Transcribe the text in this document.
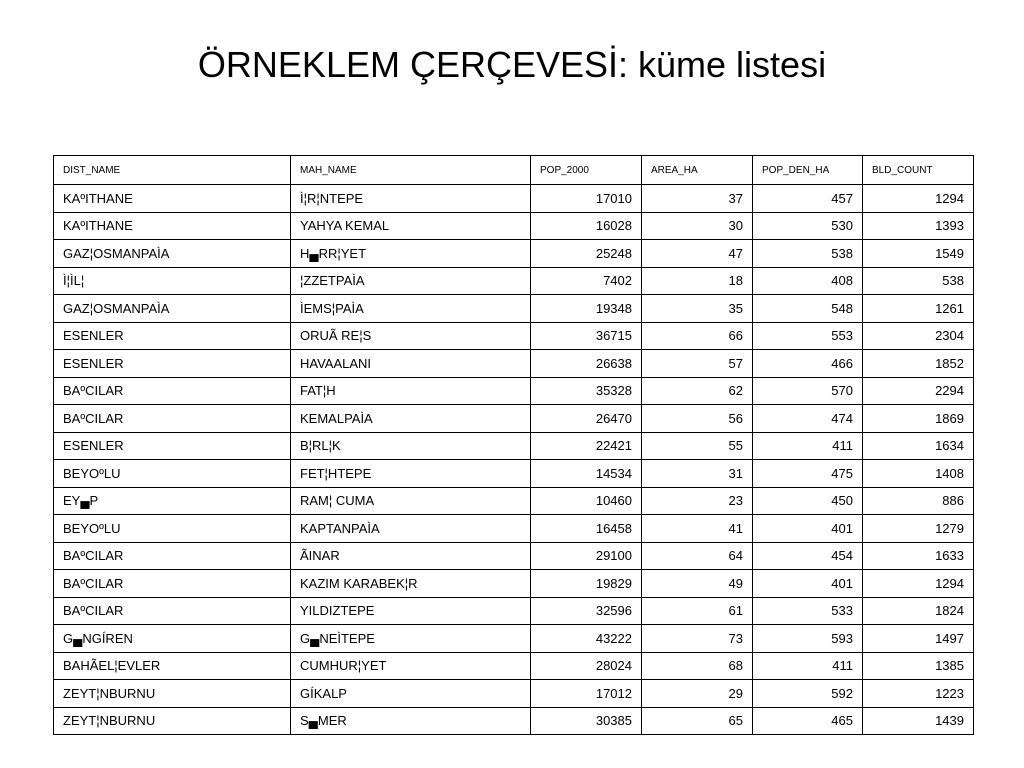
ÖRNEKLEM ÇERÇEVESİ: küme listesi
DIST_NAME	MAH_NAME	POP_2000	AREA_HA	POP_DEN_HA	BLD_COUNT
KAºITHANE	Ì¦R¦NTEPE	17010	37	457	1294
KAºITHANE	YAHYA KEMAL	16028	30	530	1393
GAZ¦OSMANPAÌA	H▄RR¦YET	25248	47	538	1549
Ì¦ÌL¦	¦ZZETPAÌA	7402	18	408	538
GAZ¦OSMANPAÌA	ÌEMS¦PAÌA	19348	35	548	1261
ESENLER	ORUÃ RE¦S	36715	66	553	2304
ESENLER	HAVAALANI	26638	57	466	1852
BAºCILAR	FAT¦H	35328	62	570	2294
BAºCILAR	KEMALPAÌA	26470	56	474	1869
ESENLER	B¦RL¦K	22421	55	411	1634
BEYOºLU	FET¦HTEPE	14534	31	475	1408
EY▄P	RAM¦ CUMA	10460	23	450	886
BEYOºLU	KAPTANPAÌA	16458	41	401	1279
BAºCILAR	ÃINAR	29100	64	454	1633
BAºCILAR	KAZIM KARABEK¦R	19829	49	401	1294
BAºCILAR	YILDIZTEPE	32596	61	533	1824
G▄NGÍREN	G▄NEÌTEPE	43222	73	593	1497
BAHÃEL¦EVLER	CUMHUR¦YET	28024	68	411	1385
ZEYT¦NBURNU	GÍKALP	17012	29	592	1223
ZEYT¦NBURNU	S▄MER	30385	65	465	1439
